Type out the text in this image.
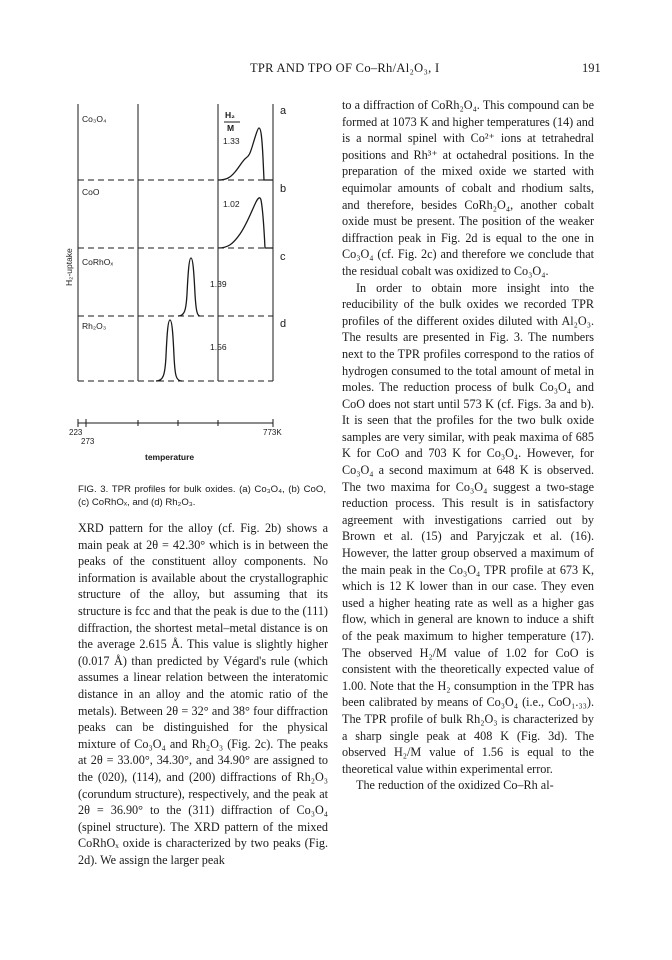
TPR AND TPO OF Co–Rh/Al₂O₃, I	191
a
b
c
d
Co₃O₄
CoO
CoRhOₓ
Rh₂O₃
H₂
M
1.33
1.02
1.39
1.56
H₂-uptake
223
273
773K
temperature
FIG. 3. TPR profiles for bulk oxides. (a) Co₃O₄, (b) CoO, (c) CoRhOₓ, and (d) Rh₂O₃.

XRD pattern for the alloy (cf. Fig. 2b) shows a main peak at 2θ = 42.30° which is in between the peaks of the constituent alloy components. No information is available about the crystallographic structure of the alloy, but assuming that its structure is fcc and that the peak is due to the (111) diffraction, the shortest metal–metal distance is on the average 2.615 Å. This value is slightly higher (0.017 Å) than predicted by Végard's rule (which assumes a linear relation between the interatomic distance in an alloy and the atomic ratio of the metals). Between 2θ = 32° and 38° four diffraction peaks can be distinguished for the physical mixture of Co₃O₄ and Rh₂O₃ (Fig. 2c). The peaks at 2θ = 33.00°, 34.30°, and 34.90° are assigned to the (020), (114), and (200) diffractions of Rh₂O₃ (corundum structure), respectively, and the peak at 2θ = 36.90° to the (311) diffraction of Co₃O₄ (spinel structure). The XRD pattern of the mixed CoRhOₓ oxide is characterized by two peaks (Fig. 2d). We assign the larger peak

to a diffraction of CoRh₂O₄. This compound can be formed at 1073 K and higher temperatures (14) and is a normal spinel with Co²⁺ ions at tetrahedral positions and Rh³⁺ at octahedral positions. In the preparation of the mixed oxide we started with equimolar amounts of cobalt and rhodium salts, and therefore, besides CoRh₂O₄, another cobalt oxide must be present. The position of the weaker diffraction peak in Fig. 2d is equal to the one in Co₃O₄ (cf. Fig. 2c) and therefore we conclude that the residual cobalt was oxidized to Co₃O₄.

In order to obtain more insight into the reducibility of the bulk oxides we recorded TPR profiles of the different oxides diluted with Al₂O₃. The results are presented in Fig. 3. The numbers next to the TPR profiles correspond to the ratios of hydrogen consumed to the total amount of metal in moles. The reduction process of bulk Co₃O₄ and CoO does not start until 573 K (cf. Figs. 3a and b). It is seen that the profiles for the two bulk oxide samples are very similar, with peak maxima of 685 K for CoO and 703 K for Co₃O₄. However, for Co₃O₄ a second maximum at 648 K is observed. The two maxima for Co₃O₄ suggest a two-stage reduction process. This result is in satisfactory agreement with investigations carried out by Brown et al. (15) and Paryjczak et al. (16). However, the latter group observed a maximum of the main peak in the Co₃O₄ TPR profile at 673 K, which is 12 K lower than in our case. They even used a higher heating rate as well as a higher gas flow, which in general are known to induce a shift of the peak maximum to higher temperature (17). The observed H₂/M value of 1.02 for CoO is consistent with the theoretically expected value of 1.00. Note that the H₂ consumption in the TPR has been calibrated by means of Co₃O₄ (i.e., CoO₁.₃₃). The TPR profile of bulk Rh₂O₃ is characterized by a sharp single peak at 408 K (Fig. 3d). The observed H₂/M value of 1.56 is equal to the theoretical value within experimental error.

The reduction of the oxidized Co–Rh al-
